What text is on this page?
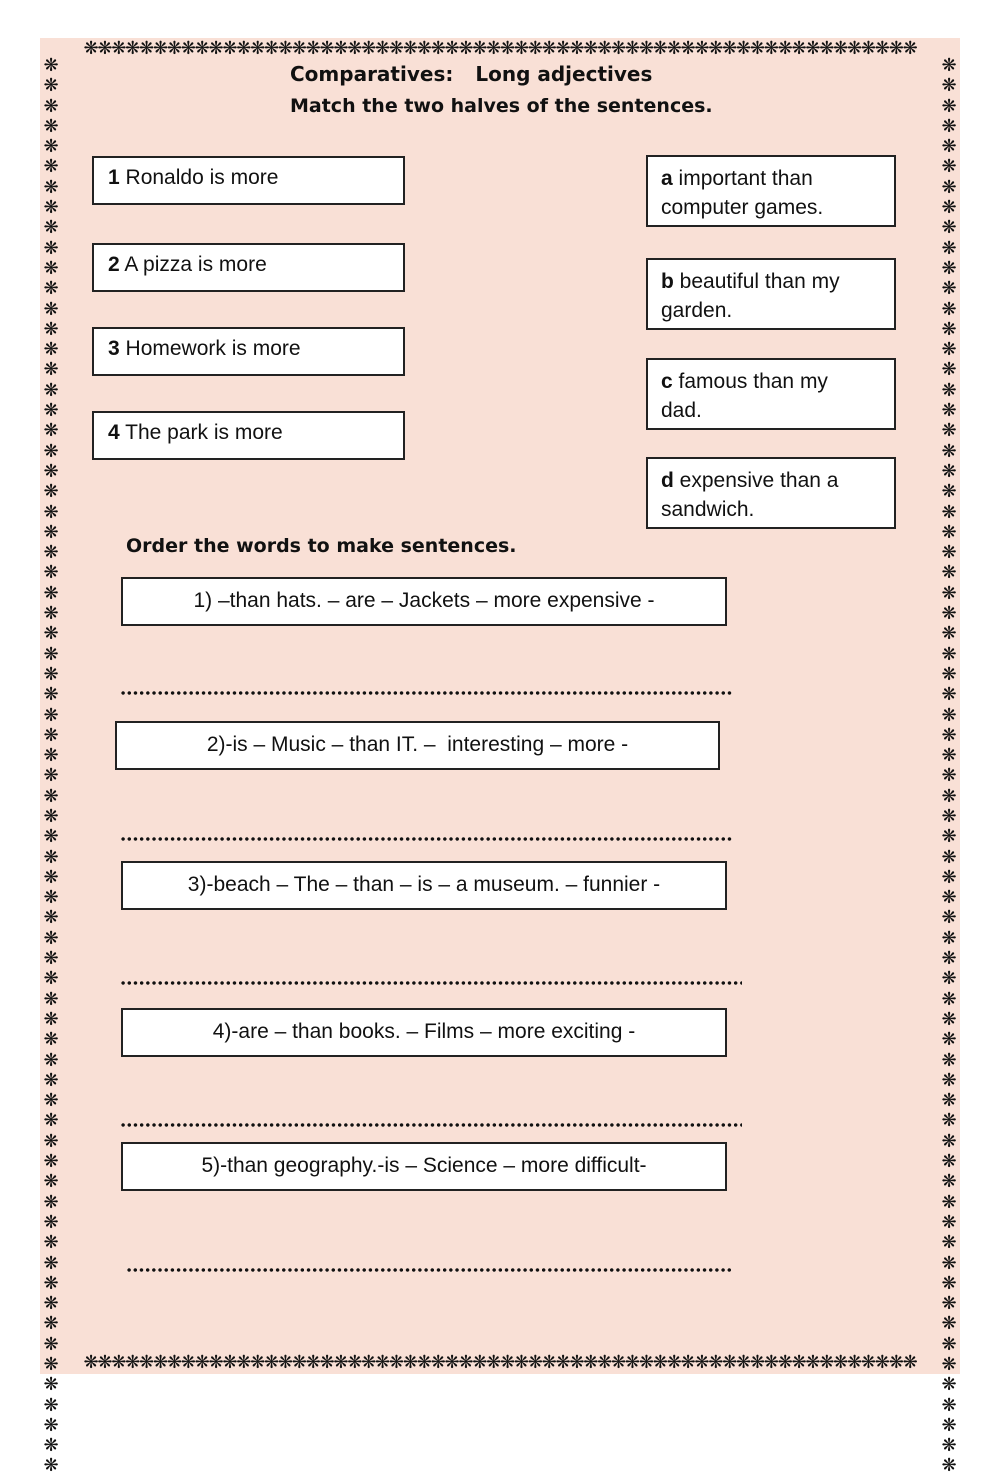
❋❋❋❋❋❋❋❋❋❋❋❋❋❋❋❋❋❋❋❋❋❋❋❋❋❋❋❋❋❋❋❋❋❋❋❋❋❋❋❋❋❋❋❋❋❋❋❋❋❋❋❋❋❋❋❋❋❋❋❋
❋❋❋❋❋❋❋❋❋❋❋❋❋❋❋❋❋❋❋❋❋❋❋❋❋❋❋❋❋❋❋❋❋❋❋❋❋❋❋❋❋❋❋❋❋❋❋❋❋❋❋❋❋❋❋❋❋❋❋❋
❋❋❋❋❋❋❋❋❋❋❋❋❋❋❋❋❋❋❋❋❋❋❋❋❋❋❋❋❋❋❋❋❋❋❋❋❋❋❋❋❋❋❋❋❋❋❋❋❋❋❋❋❋❋❋❋❋❋❋❋❋❋❋❋❋❋❋❋❋❋
❋❋❋❋❋❋❋❋❋❋❋❋❋❋❋❋❋❋❋❋❋❋❋❋❋❋❋❋❋❋❋❋❋❋❋❋❋❋❋❋❋❋❋❋❋❋❋❋❋❋❋❋❋❋❋❋❋❋❋❋❋❋❋❋❋❋❋❋❋❋
Comparatives: Long adjectives

Match the two halves of the sentences.

1 Ronaldo is more
2 A pizza is more
3 Homework is more
4 The park is more
a important than
computer games.
b beautiful than my
garden.
c famous than my
dad.
d expensive than a
sandwich.
Order the words to make sentences.
1) –than hats. – are – Jackets – more expensive -
2)-is – Music – than IT. –  interesting – more -
3)-beach – The – than – is – a museum. – funnier -
4)-are – than books. – Films – more exciting -
5)-than geography.-is – Science – more difficult-
